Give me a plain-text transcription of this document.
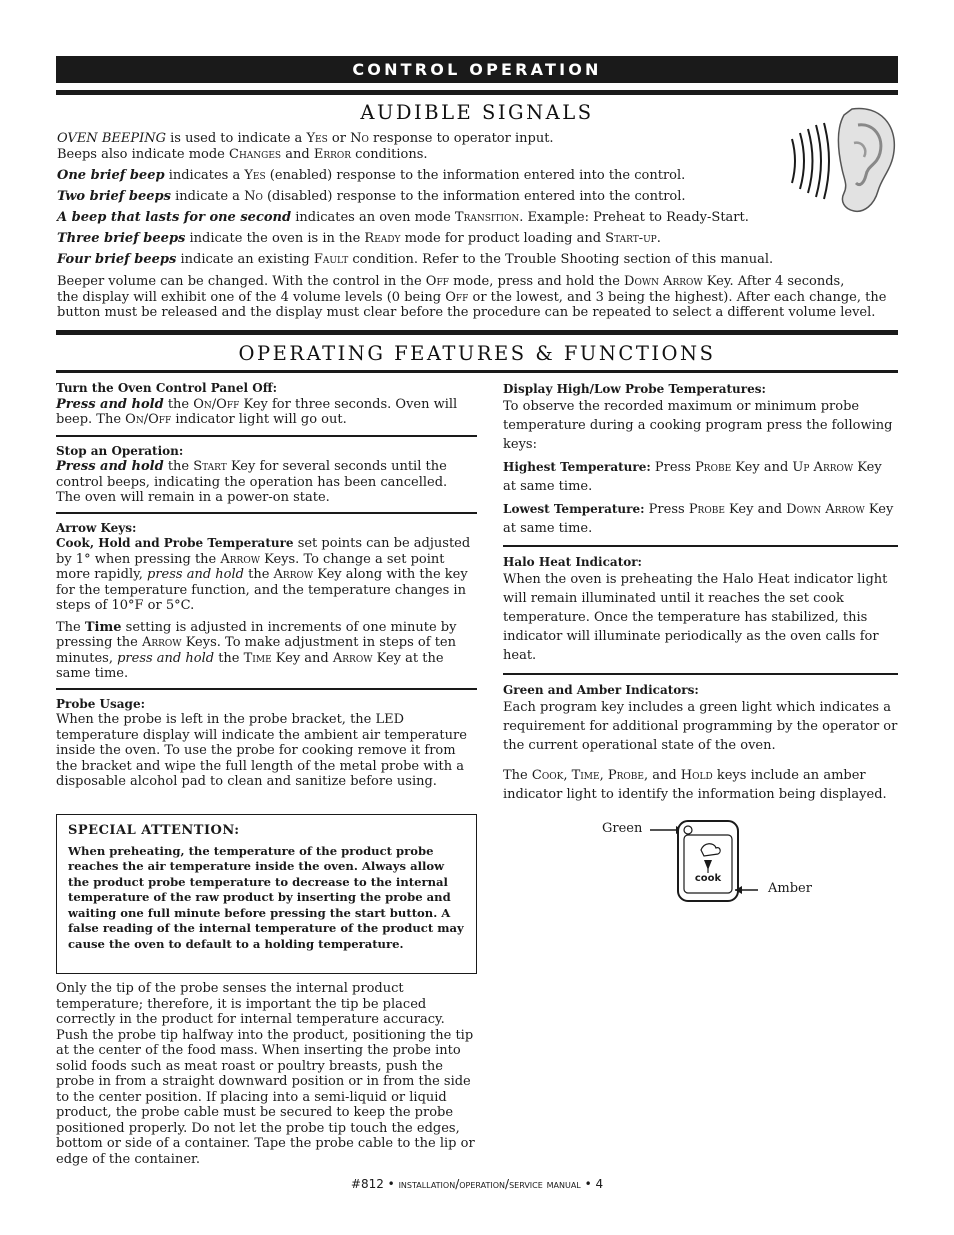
CONTROL OPERATION
AUDIBLE SIGNALS

OVEN BEEPING is used to indicate a Yes or No response to operator input.

Beeps also indicate mode Changes and Error conditions.

One brief beep indicates a Yes (enabled) response to the information entered into the control.

Two brief beeps indicate a No (disabled) response to the information entered into the control.

A beep that lasts for one second indicates an oven mode Transition. Example: Preheat to Ready-Start.

Three brief beeps indicate the oven is in the Ready mode for product loading and Start-up.

Four brief beeps indicate an existing Fault condition. Refer to the Trouble Shooting section of this manual.

Beeper volume can be changed. With the control in the Off mode, press and hold the Down Arrow Key. After 4 seconds,
the display will exhibit one of the 4 volume levels (0 being Off or the lowest, and 3 being the highest). After each change, the
button must be released and the display must clear before the procedure can be repeated to select a different volume level.
OPERATING FEATURES & FUNCTIONS
Turn the Oven Control Panel Off:

Press and hold the On/Off Key for three seconds. Oven will beep. The On/Off indicator light will go out.

Stop an Operation:

Press and hold the Start Key for several seconds until the control beeps, indicating the operation has been cancelled. The oven will remain in a power-on state.

Arrow Keys:

Cook, Hold and Probe Temperature set points can be adjusted by 1° when pressing the Arrow Keys. To change a set point more rapidly, press and hold the Arrow Key along with the key for the temperature function, and the temperature changes in steps of 10°F or 5°C.

The Time setting is adjusted in increments of one minute by pressing the Arrow Keys. To make adjustment in steps of ten minutes, press and hold the Time Key and Arrow Key at the same time.

Probe Usage:

When the probe is left in the probe bracket, the LED temperature display will indicate the ambient air temperature inside the oven. To use the probe for cooking remove it from the bracket and wipe the full length of the metal probe with a disposable alcohol pad to clean and sanitize before using.

SPECIAL ATTENTION:
When preheating, the temperature of the product probe reaches the air temperature inside the oven. Always allow the product probe temperature to decrease to the internal temperature of the raw product by inserting the probe and waiting one full minute before pressing the start button. A false reading of the internal temperature of the product may cause the oven to default to a holding temperature.

Only the tip of the probe senses the internal product temperature; therefore, it is important the tip be placed correctly in the product for internal temperature accuracy. Push the probe tip halfway into the product, positioning the tip at the center of the food mass. When inserting the probe into solid foods such as meat roast or poultry breasts, push the probe in from a straight downward position or in from the side to the center position. If placing into a semi-liquid or liquid product, the probe cable must be secured to keep the probe positioned properly. Do not let the probe tip touch the edges, bottom or side of a container. Tape the probe cable to the lip or edge of the container.

Display High/Low Probe Temperatures:

To observe the recorded maximum or minimum probe temperature during a cooking program press the following keys:

Highest Temperature: Press Probe Key and Up Arrow Key at same time.

Lowest Temperature: Press Probe Key and Down Arrow Key at same time.

Halo Heat Indicator:

When the oven is preheating the Halo Heat indicator light will remain illuminated until it reaches the set cook temperature. Once the temperature has stabilized, this indicator will illuminate periodically as the oven calls for heat.

Green and Amber Indicators:

Each program key includes a green light which indicates a requirement for additional programming by the operator or the current operational state of the oven.

The Cook, Time, Probe, and Hold keys include an amber indicator light to identify the information being displayed.

Green
Amber
cook
#812 • installation/operation/service manual • 4
